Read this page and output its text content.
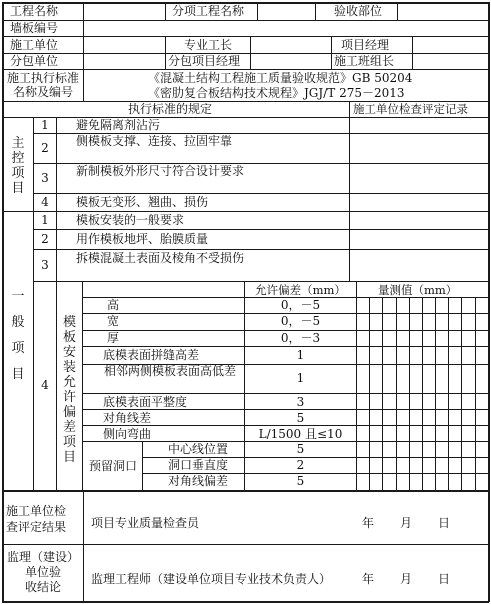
工程名称	分项工程名称	验收部位
墙板编号
施工单位	专业工长	项目经理
分包单位	分包项目经理	施工班组长
施工执行标准
名称及编号
《混凝土结构工程施工质量验收规范》GB 50204
《密肋复合板结构技术规程》JGJ/T 275－2013
执行标准的规定	施工单位检查评定记录
主
控
项
目
1	避免隔离剂沾污
2	侧模板支撑、连接、拉固牢靠
3	新制模板外形尺寸符合设计要求
4	模板无变形、翘曲、损伤
一

般

项

目
1	模板安装的一般要求
2	用作模板地坪、胎膜质量
3	拆模混凝土表面及棱角不受损伤
4
模
板
安
装
允
许
偏
差
项
目
允许偏差（mm）	量测值（mm）
高	0，－5
宽	0，－5
厚	0，－3
底模表面拼缝高差	1
相邻两侧模板表面高低差	1
底模表面平整度	3
对角线差	5
侧向弯曲	L/1500 且≤10
预留洞口
中心线位置	5
洞口垂直度	2
对角线偏差	5
施工单位检
查评定结果	项目专业质量检查员	年 月 日
监理（建设）
单位验
收结论
监理工程师（建设单位项目专业技术负责人）	年 月 日
